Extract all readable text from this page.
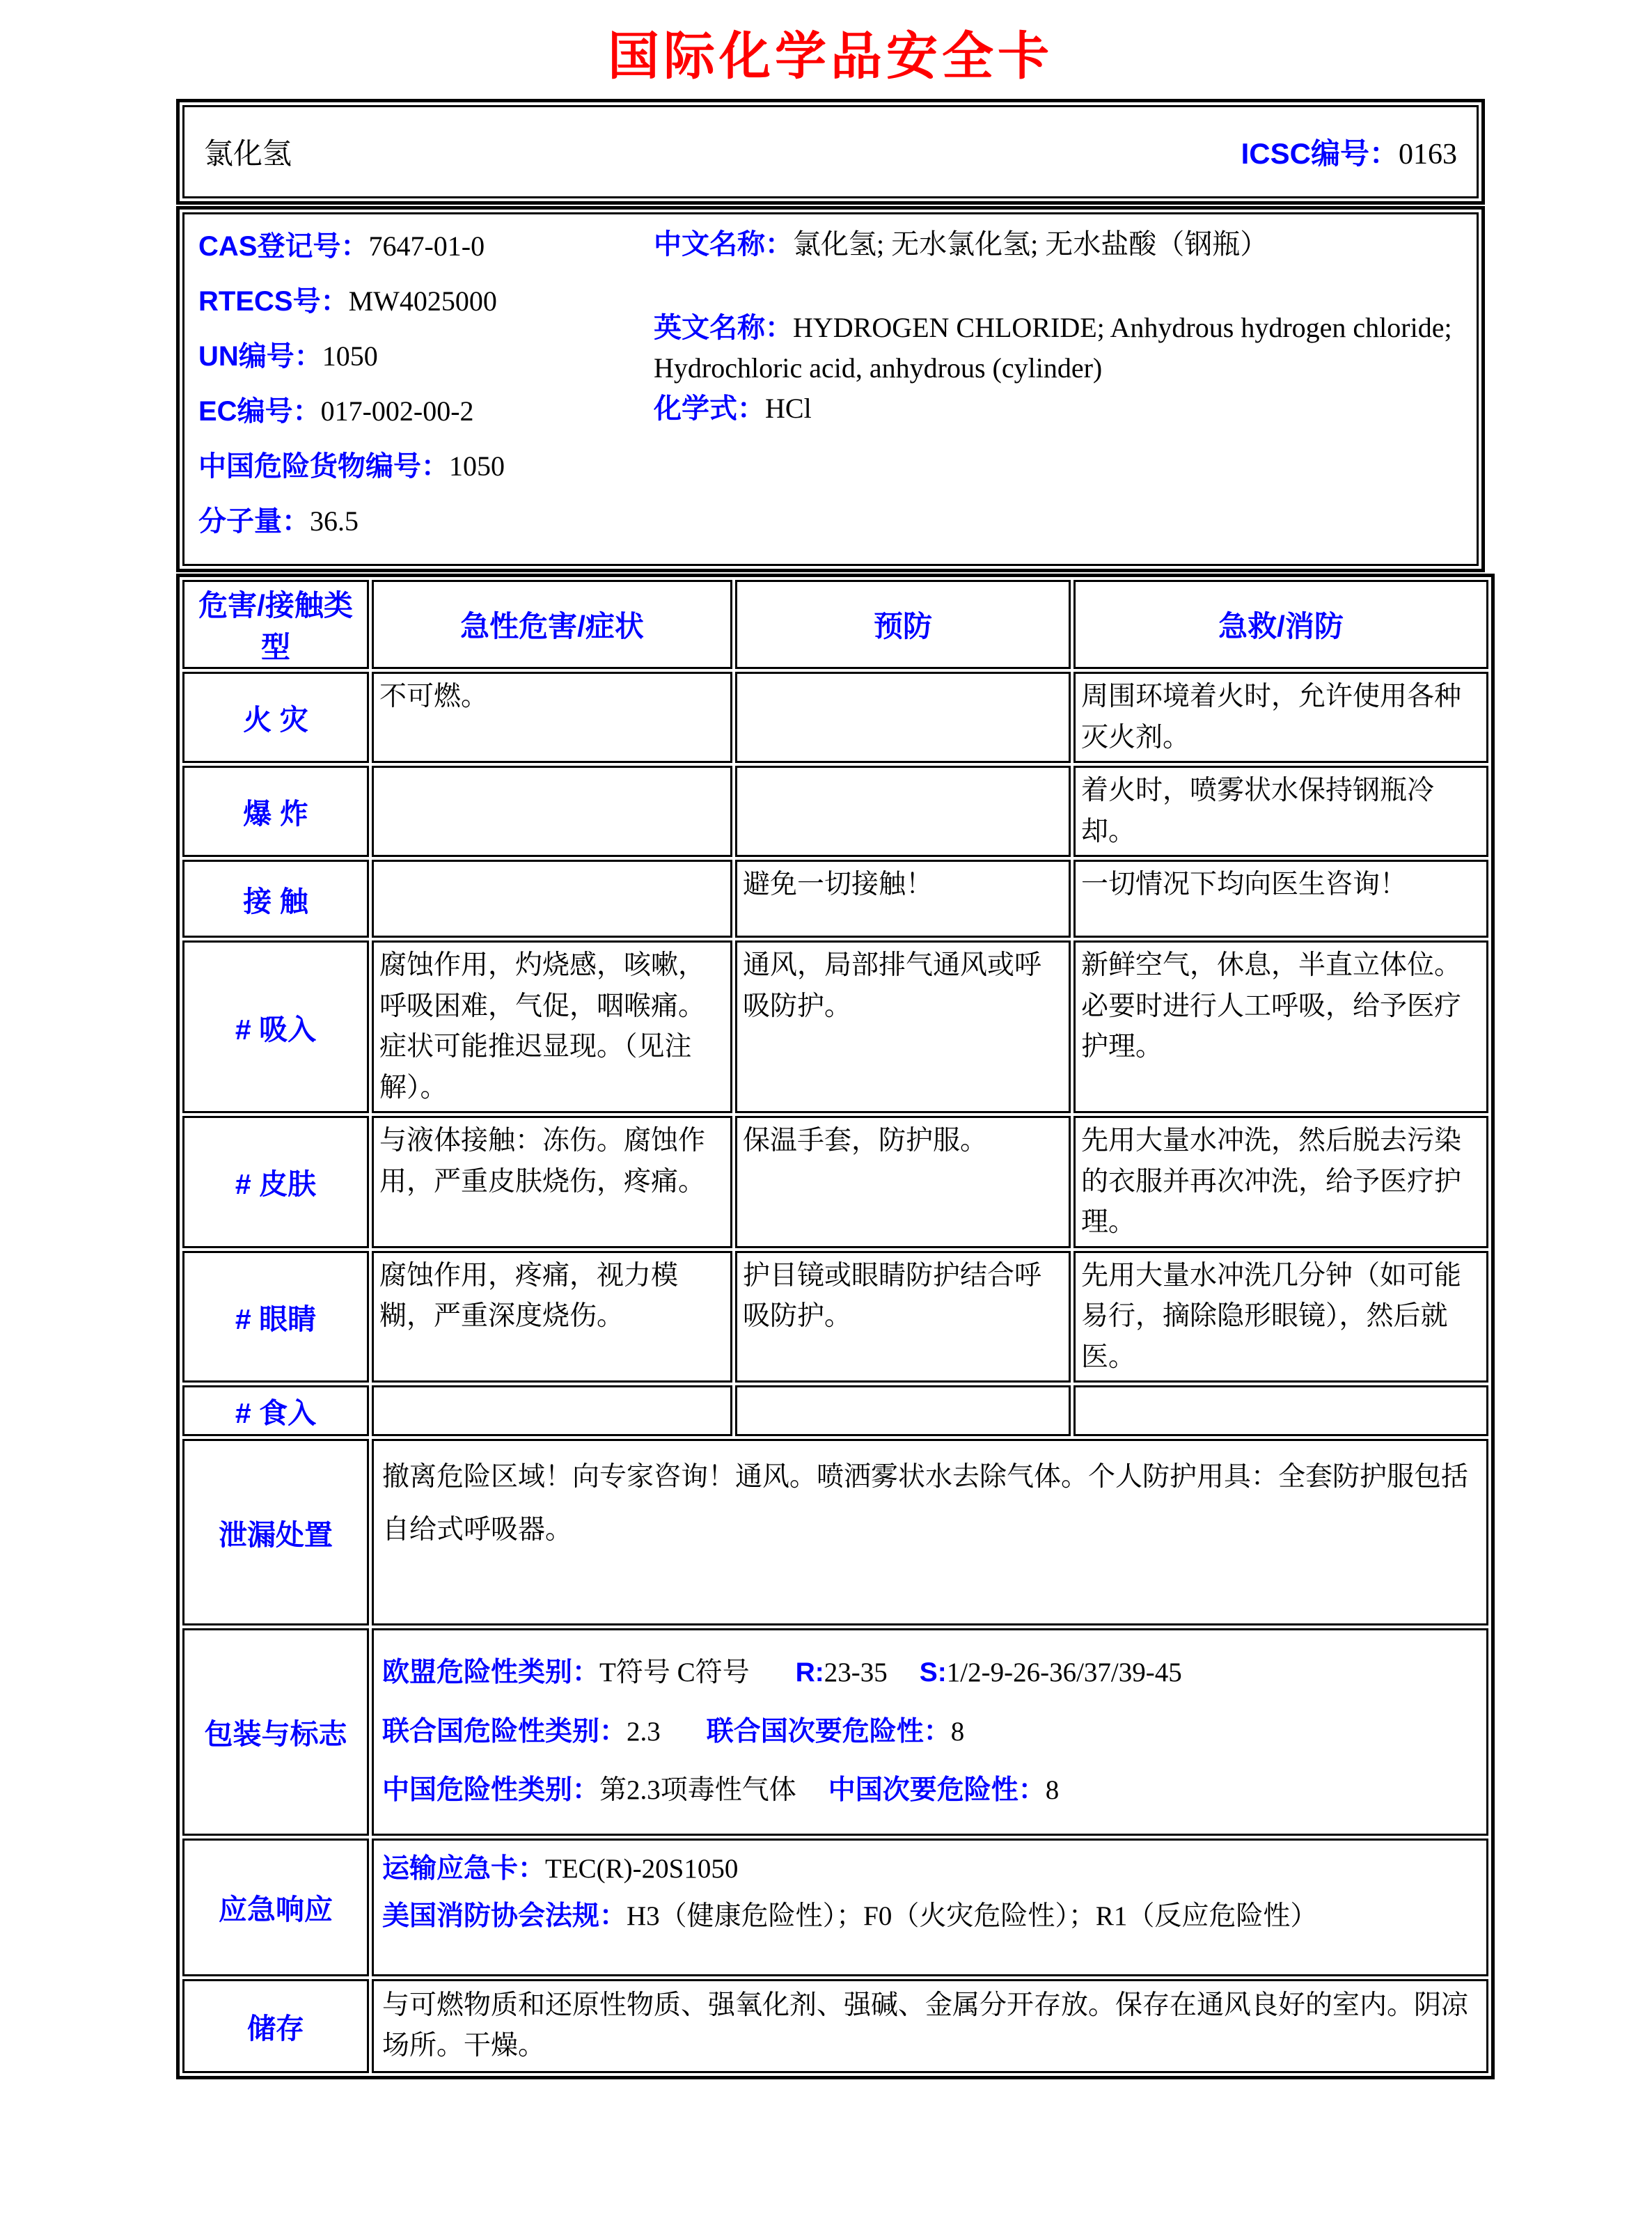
国际化学品安全卡
氯化氢	ICSC编号：0163
CAS登记号：7647-01-0
RTECS号：MW4025000
UN编号：1050
EC编号：017-002-00-2
中国危险货物编号：1050
分子量：36.5
中文名称：氯化氢; 无水氯化氢; 无水盐酸（钢瓶）
英文名称：HYDROGEN CHLORIDE; Anhydrous hydrogen chloride; Hydrochloric acid, anhydrous (cylinder)
化学式：HCl
危害/接触类型	急性危害/症状	预防	急救/消防
火 灾	不可燃。		周围环境着火时，允许使用各种灭火剂。
爆 炸			着火时，喷雾状水保持钢瓶冷却。
接 触		避免一切接触！	一切情况下均向医生咨询！
# 吸入	腐蚀作用，灼烧感，咳嗽，呼吸困难，气促，咽喉痛。症状可能推迟显现。（见注解）。	通风，局部排气通风或呼吸防护。	新鲜空气，休息，半直立体位。必要时进行人工呼吸，给予医疗护理。
# 皮肤	与液体接触：冻伤。腐蚀作用，严重皮肤烧伤，疼痛。	保温手套，防护服。	先用大量水冲洗，然后脱去污染的衣服并再次冲洗，给予医疗护理。
# 眼睛	腐蚀作用，疼痛，视力模糊，严重深度烧伤。	护目镜或眼睛防护结合呼吸防护。	先用大量水冲洗几分钟（如可能易行，摘除隐形眼镜），然后就医。
# 食入			
泄漏处置	撤离危险区域！向专家咨询！通风。喷洒雾状水去除气体。个人防护用具：全套防护服包括自给式呼吸器。		

包装与标志	欧盟危险性类别：T符号 C符号 R:23-35 S:1/2-9-26-36/37/39-45
联合国危险性类别：2.3 联合国次要危险性：8
中国危险性类别：第2.3项毒性气体 中国次要危险性：8		

应急响应	运输应急卡：TEC(R)-20S1050
美国消防协会法规：H3（健康危险性）；F0（火灾危险性）；R1（反应危险性）		

储存	与可燃物质和还原性物质、强氧化剂、强碱、金属分开存放。保存在通风良好的室内。阴凉场所。干燥。		
